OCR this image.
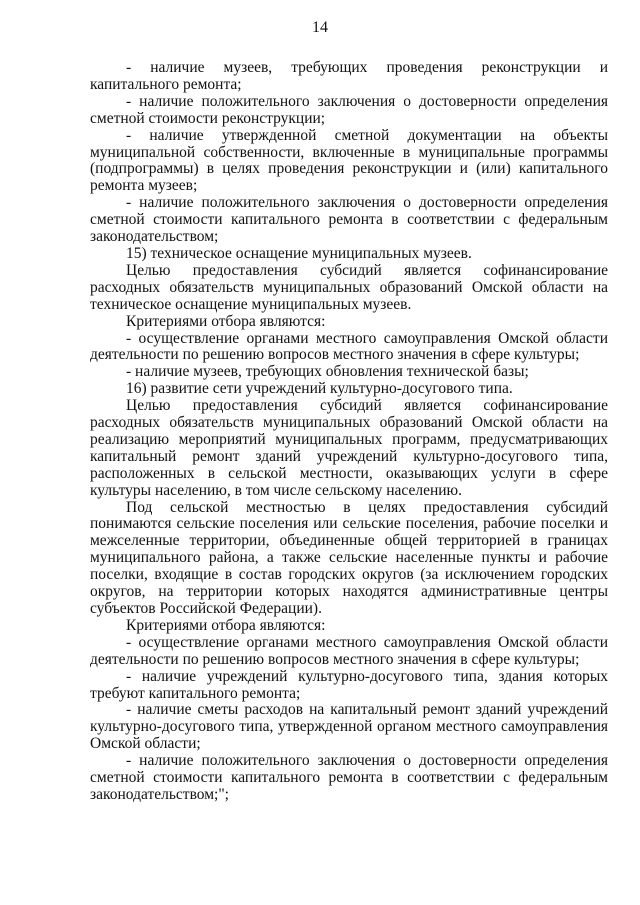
14

- наличие музеев, требующих проведения реконструкции и капитального ремонта;

- наличие положительного заключения о достоверности определения сметной стоимости реконструкции;

- наличие утвержденной сметной документации на объекты муниципальной собственности, включенные в муниципальные программы (подпрограммы) в целях проведения реконструкции и (или) капитального ремонта музеев;

- наличие положительного заключения о достоверности определения сметной стоимости капитального ремонта в соответствии с федеральным законодательством;

15) техническое оснащение муниципальных музеев.

Целью предоставления субсидий является софинансирование расходных обязательств муниципальных образований Омской области на техническое оснащение муниципальных музеев.

Критериями отбора являются:

- осуществление органами местного самоуправления Омской области деятельности по решению вопросов местного значения в сфере культуры;

- наличие музеев, требующих обновления технической базы;

16) развитие сети учреждений культурно-досугового типа.

Целью предоставления субсидий является софинансирование расходных обязательств муниципальных образований Омской области на реализацию мероприятий муниципальных программ, предусматривающих капитальный ремонт зданий учреждений культурно-досугового типа, расположенных в сельской местности, оказывающих услуги в сфере культуры населению, в том числе сельскому населению.

Под сельской местностью в целях предоставления субсидий понимаются сельские поселения или сельские поселения, рабочие поселки и межселенные территории, объединенные общей территорией в границах муниципального района, а также сельские населенные пункты и рабочие поселки, входящие в состав городских округов (за исключением городских округов, на территории которых находятся административные центры субъектов Российской Федерации).

Критериями отбора являются:

- осуществление органами местного самоуправления Омской области деятельности по решению вопросов местного значения в сфере культуры;

- наличие учреждений культурно-досугового типа, здания которых требуют капитального ремонта;

- наличие сметы расходов на капитальный ремонт зданий учреждений культурно-досугового типа, утвержденной органом местного самоуправления Омской области;

- наличие положительного заключения о достоверности определения сметной стоимости капитального ремонта в соответствии с федеральным законодательством;";
